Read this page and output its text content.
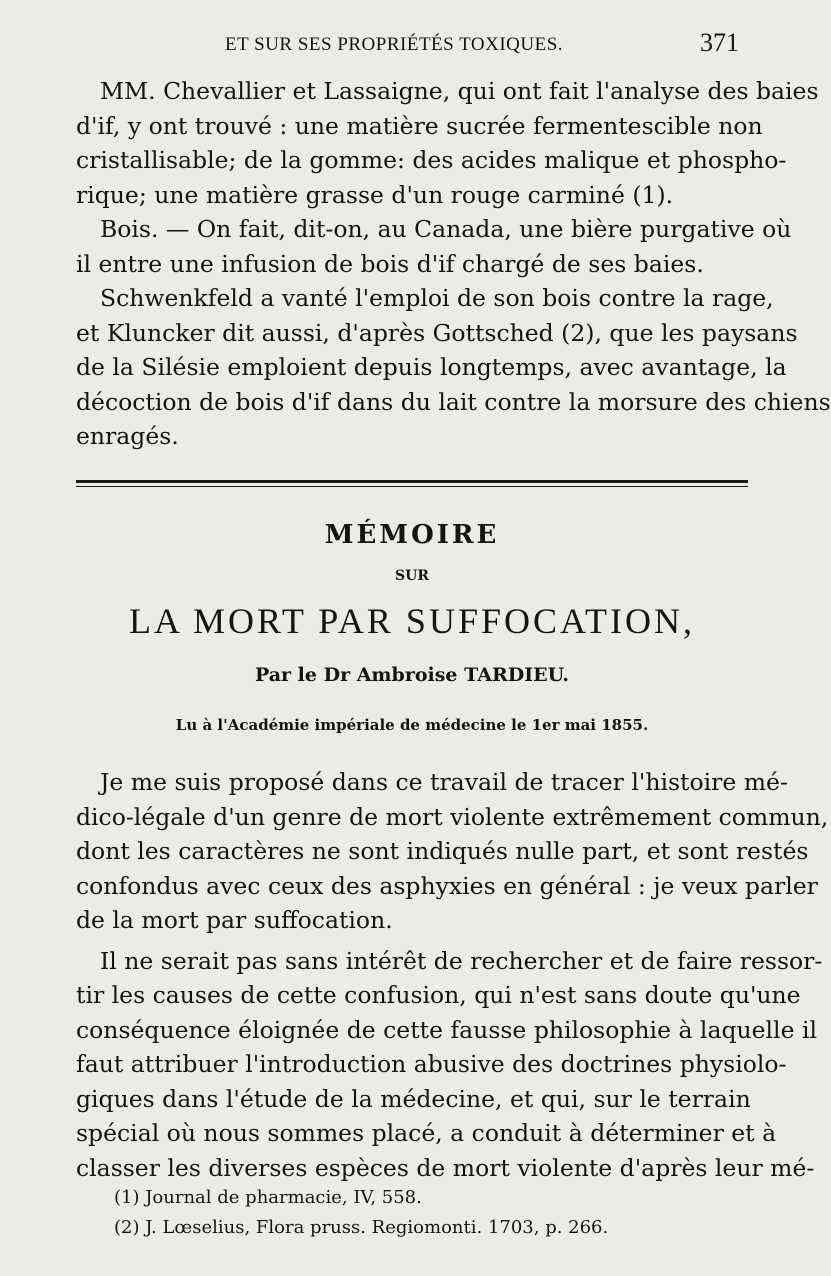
ET SUR SES PROPRIÉTÉS TOXIQUES.	371
MM. Chevallier et Lassaigne, qui ont fait l'analyse des baies
d'if, y ont trouvé : une matière sucrée fermentescible non
cristallisable; de la gomme: des acides malique et phospho-
rique; une matière grasse d'un rouge carminé (1).
Bois. — On fait, dit-on, au Canada, une bière purgative où
il entre une infusion de bois d'if chargé de ses baies.
Schwenkfeld a vanté l'emploi de son bois contre la rage,
et Kluncker dit aussi, d'après Gottsched (2), que les paysans
de la Silésie emploient depuis longtemps, avec avantage, la
décoction de bois d'if dans du lait contre la morsure des chiens
enragés.
MÉMOIRE
SUR
LA MORT PAR SUFFOCATION,
Par le Dr Ambroise TARDIEU.
Lu à l'Académie impériale de médecine le 1er mai 1855.
Je me suis proposé dans ce travail de tracer l'histoire mé-
dico-légale d'un genre de mort violente extrêmement commun,
dont les caractères ne sont indiqués nulle part, et sont restés
confondus avec ceux des asphyxies en général : je veux parler
de la mort par suffocation.
Il ne serait pas sans intérêt de rechercher et de faire ressor-
tir les causes de cette confusion, qui n'est sans doute qu'une
conséquence éloignée de cette fausse philosophie à laquelle il
faut attribuer l'introduction abusive des doctrines physiolo-
giques dans l'étude de la médecine, et qui, sur le terrain
spécial où nous sommes placé, a conduit à déterminer et à
classer les diverses espèces de mort violente d'après leur mé-
(1) Journal de pharmacie, IV, 558.
(2) J. Lœselius, Flora pruss. Regiomonti. 1703, p. 266.
